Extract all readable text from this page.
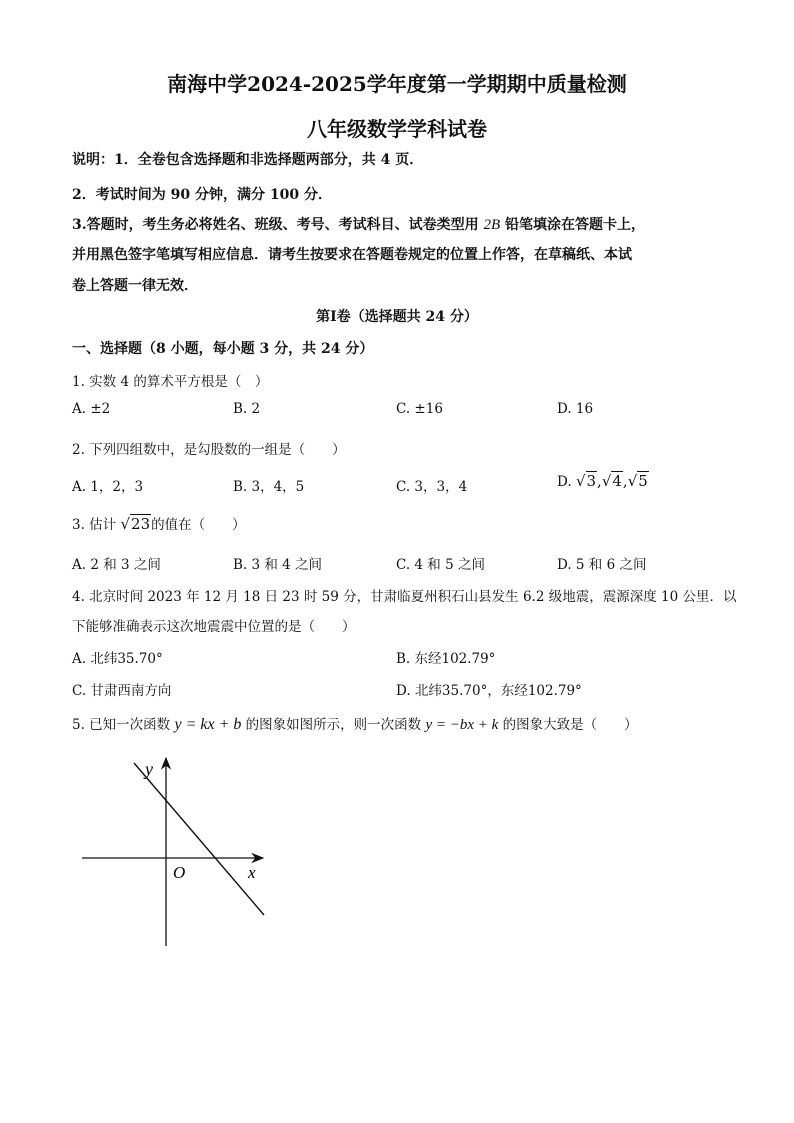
南海中学2024-2025学年度第一学期期中质量检测
八年级数学学科试卷
说明：1．全卷包含选择题和非选择题两部分，共 4 页．
2．考试时间为 90 分钟，满分 100 分．
3.答题时，考生务必将姓名、班级、考号、考试科目、试卷类型用 2B 铅笔填涂在答题卡上，
并用黑色签字笔填写相应信息．请考生按要求在答题卷规定的位置上作答，在草稿纸、本试
卷上答题一律无效．
第Ⅰ卷（选择题共 24 分）
一、选择题（8 小题，每小题 3 分，共 24 分）
1. 实数 4 的算术平方根是（　）
A. ±2	B. 2	C. ±16	D. 16
2. 下列四组数中，是勾股数的一组是（　　）
A. 1，2，3	B. 3，4，5	C. 3，3，4	D. √3,√4,√5
3. 估计 √23的值在（　　）
A. 2 和 3 之间	B. 3 和 4 之间	C. 4 和 5 之间	D. 5 和 6 之间
4. 北京时间 2023 年 12 月 18 日 23 时 59 分，甘肃临夏州积石山县发生 6.2 级地震，震源深度 10 公里．以
下能够准确表示这次地震震中位置的是（　　）
A. 北纬35.70°	B. 东经102.79°
C. 甘肃西南方向	D. 北纬35.70°，东经102.79°
5. 已知一次函数 y = kx + b 的图象如图所示，则一次函数 y = −bx + k 的图象大致是（　　）
y
x
O
